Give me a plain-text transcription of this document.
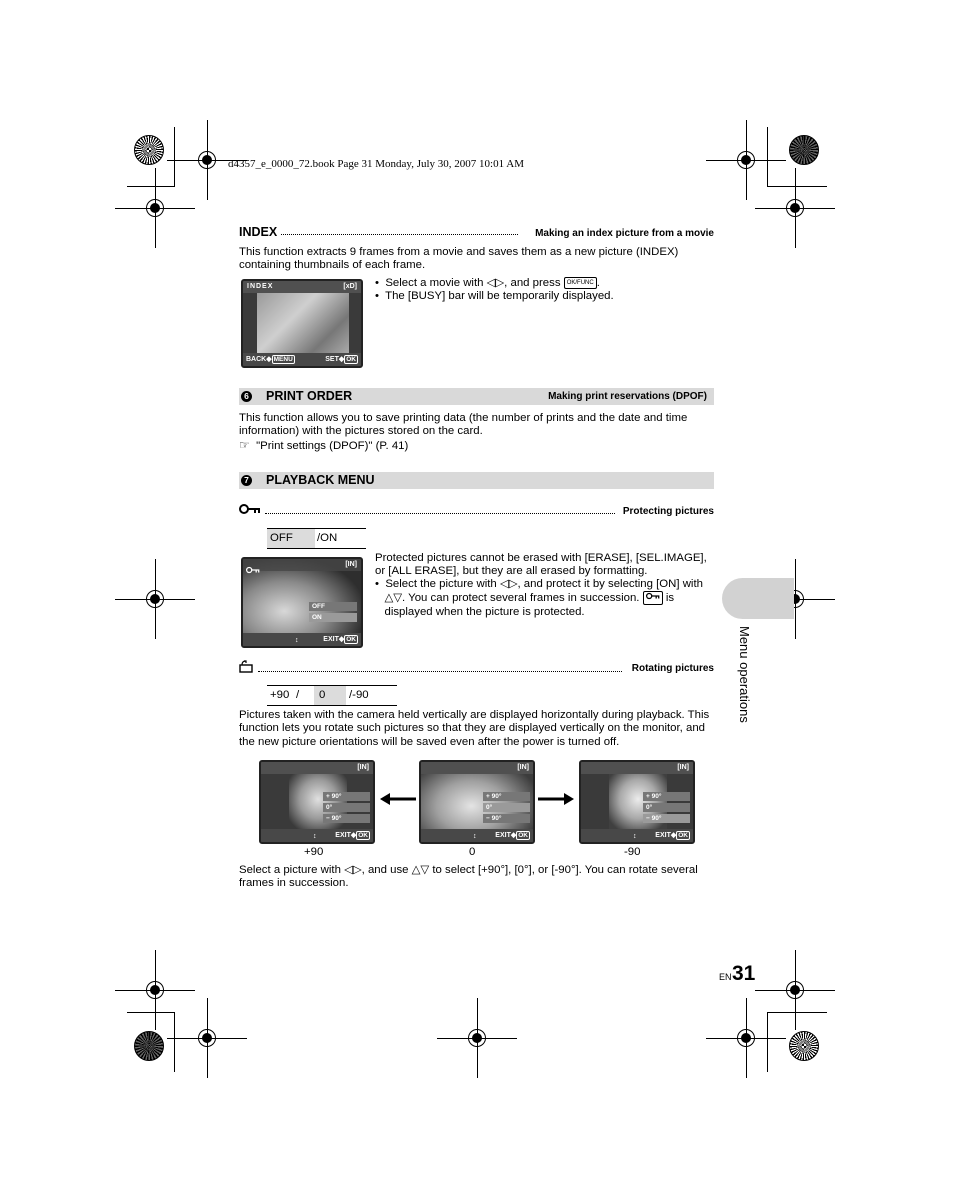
d4357_e_0000_72.book Page 31 Monday, July 30, 2007 10:01 AM
INDEX	Making an index picture from a movie
This function extracts 9 frames from a movie and saves them as a new picture (INDEX) containing thumbnails of each frame.
INDEX	[xD]
BACK◆ MENU	SET◆ OK
•  Select a movie with ◁▷, and press OK/FUNC .
•  The [BUSY] bar will be temporarily displayed.
6 PRINT ORDER	Making print reservations (DPOF)
This function allows you to save printing data (the number of prints and the date and time information) with the pictures stored on the card.
☞ "Print settings (DPOF)" (P. 41)
7 PLAYBACK MENU
Protecting pictures
OFF /ON
[IN]
OFF
ON
↕	EXIT◆ OK
Protected pictures cannot be erased with [ERASE], [SEL.IMAGE], or [ALL ERASE], but they are all erased by formatting.
•  Select the picture with ◁▷, and protect it by selecting [ON] with
△▽. You can protect several frames in succession. is
displayed when the picture is protected.
Rotating pictures
+90 / 0 /-90
Pictures taken with the camera held vertically are displayed horizontally during playback. This function lets you rotate such pictures so that they are displayed vertically on the monitor, and the new picture orientations will be saved even after the power is turned off.
[IN]
+ 90°
0°
− 90°
↕	EXIT◆ OK
+90
[IN]
+ 90°
0°
− 90°
↕	EXIT◆ OK
0
[IN]
+ 90°
0°
− 90°
↕	EXIT◆ OK
-90
Select a picture with ◁▷, and use △▽ to select [+90°], [0°], or [-90°]. You can rotate several
frames in succession.
Menu operations
EN 31
